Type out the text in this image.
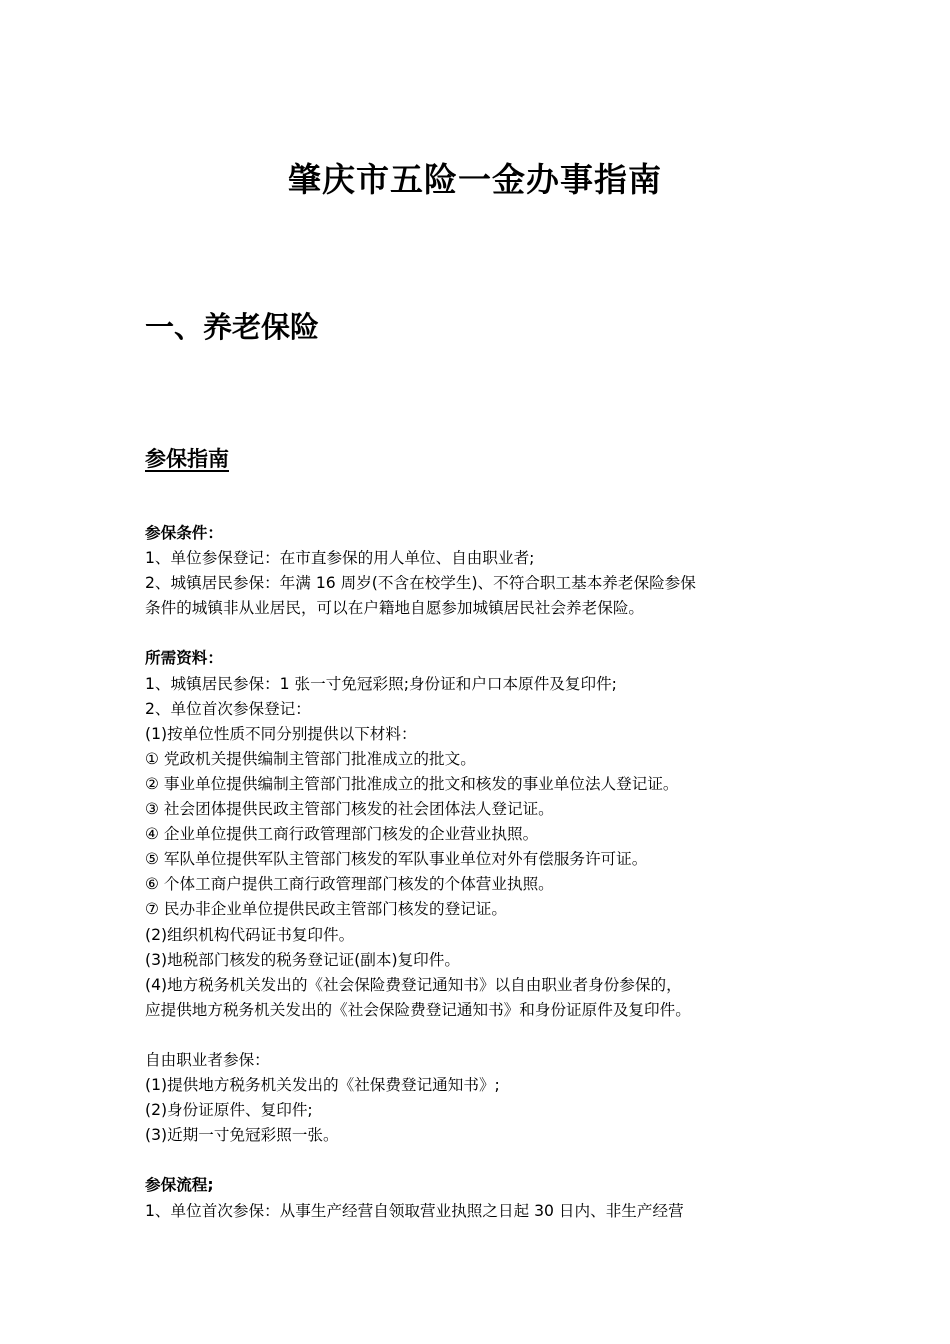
肇庆市五险一金办事指南
一、养老保险
参保指南
参保条件：
1、单位参保登记：在市直参保的用人单位、自由职业者;
2、城镇居民参保：年满 16 周岁(不含在校学生)、不符合职工基本养老保险参保
条件的城镇非从业居民，可以在户籍地自愿参加城镇居民社会养老保险。
所需资料：
1、城镇居民参保：1 张一寸免冠彩照;身份证和户口本原件及复印件;
2、单位首次参保登记：
(1)按单位性质不同分别提供以下材料：
① 党政机关提供编制主管部门批准成立的批文。
② 事业单位提供编制主管部门批准成立的批文和核发的事业单位法人登记证。
③ 社会团体提供民政主管部门核发的社会团体法人登记证。
④ 企业单位提供工商行政管理部门核发的企业营业执照。
⑤ 军队单位提供军队主管部门核发的军队事业单位对外有偿服务许可证。
⑥ 个体工商户提供工商行政管理部门核发的个体营业执照。
⑦ 民办非企业单位提供民政主管部门核发的登记证。
(2)组织机构代码证书复印件。
(3)地税部门核发的税务登记证(副本)复印件。
(4)地方税务机关发出的《社会保险费登记通知书》以自由职业者身份参保的，
应提供地方税务机关发出的《社会保险费登记通知书》和身份证原件及复印件。
自由职业者参保：
(1)提供地方税务机关发出的《社保费登记通知书》;
(2)身份证原件、复印件;
(3)近期一寸免冠彩照一张。
参保流程;
1、单位首次参保：从事生产经营自领取营业执照之日起 30 日内、非生产经营
